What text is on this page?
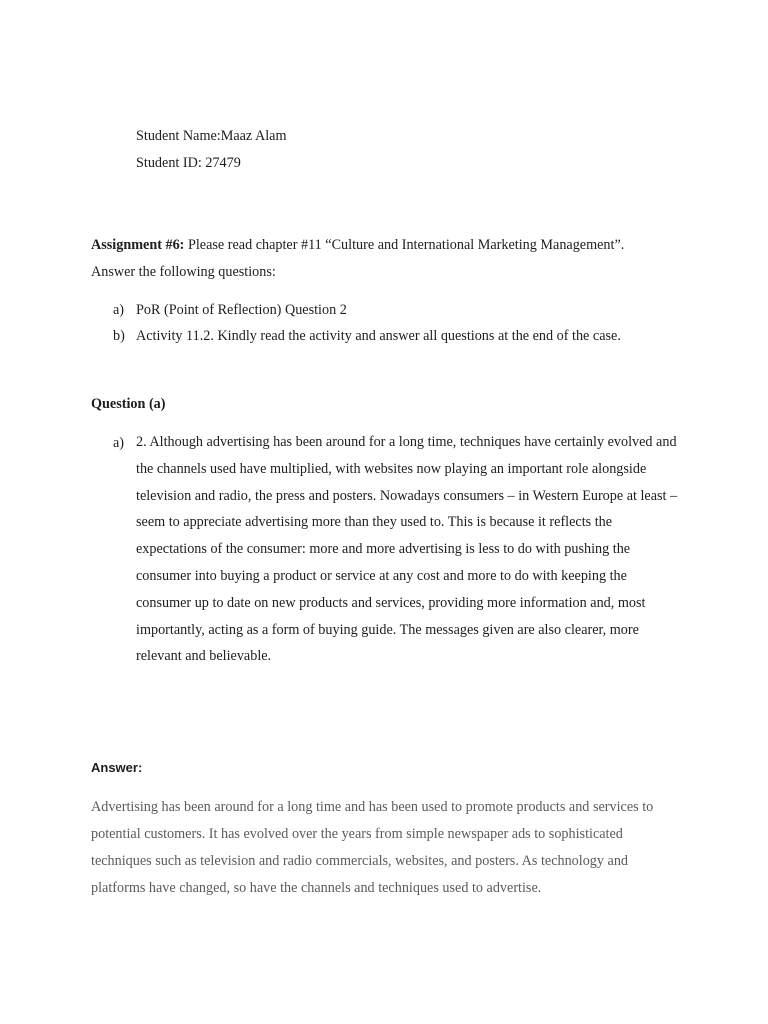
Student Name:Maaz Alam
Student ID: 27479
Assignment #6: Please read chapter #11 “Culture and International Marketing Management”. Answer the following questions:
a) PoR (Point of Reflection) Question 2
b) Activity 11.2. Kindly read the activity and answer all questions at the end of the case.
Question (a)
a) 2. Although advertising has been around for a long time, techniques have certainly evolved and the channels used have multiplied, with websites now playing an important role alongside television and radio, the press and posters. Nowadays consumers – in Western Europe at least – seem to appreciate advertising more than they used to. This is because it reflects the expectations of the consumer: more and more advertising is less to do with pushing the consumer into buying a product or service at any cost and more to do with keeping the consumer up to date on new products and services, providing more information and, most importantly, acting as a form of buying guide. The messages given are also clearer, more relevant and believable.
Answer:
Advertising has been around for a long time and has been used to promote products and services to potential customers. It has evolved over the years from simple newspaper ads to sophisticated techniques such as television and radio commercials, websites, and posters. As technology and platforms have changed, so have the channels and techniques used to advertise.
